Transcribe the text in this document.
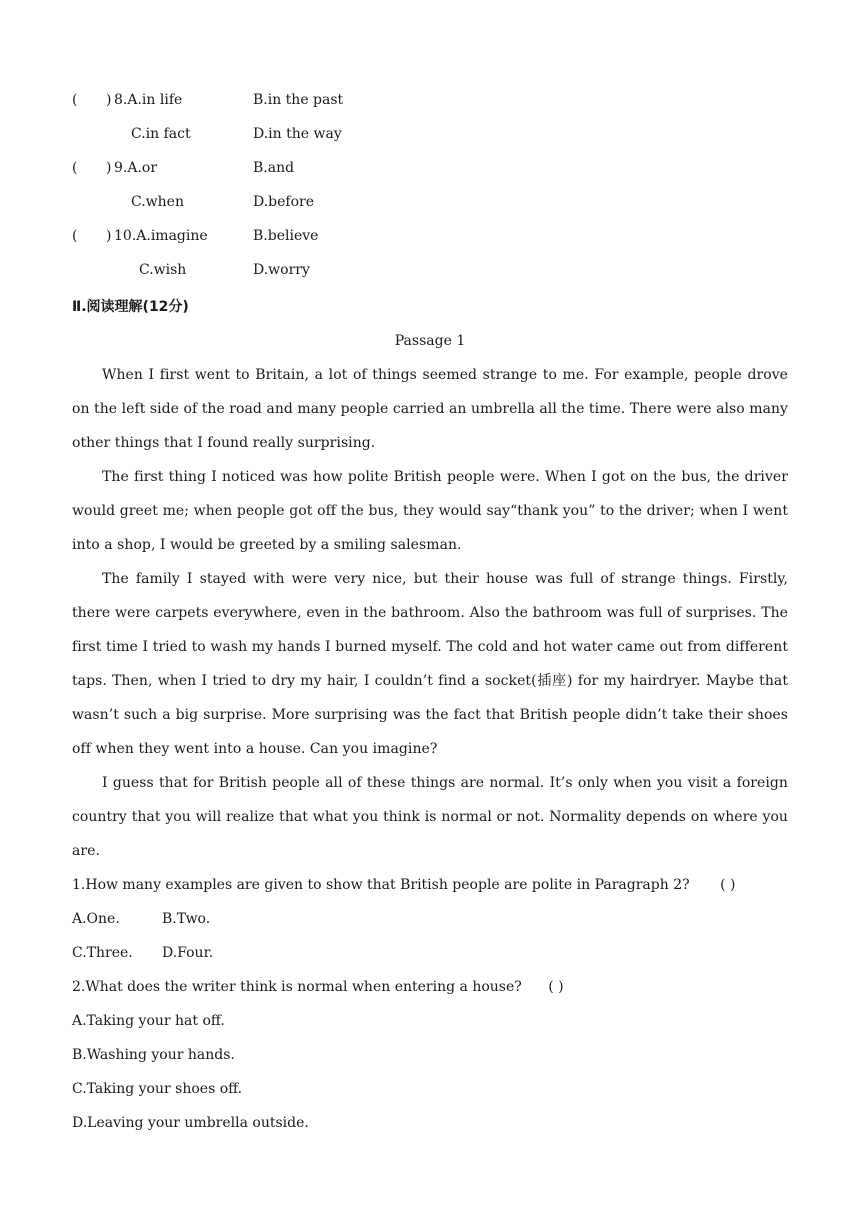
( ) 8.A.in life	B.in the past
C.in fact	D.in the way
( ) 9.A.or	B.and
C.when	D.before
( ) 10.A.imagine	B.believe
C.wish	D.worry
Ⅱ.阅读理解(12分)
Passage 1

When I first went to Britain, a lot of things seemed strange to me. For example, people drove on the left side of the road and many people carried an umbrella all the time. There were also many other things that I found really surprising.

The first thing I noticed was how polite British people were. When I got on the bus, the driver would greet me; when people got off the bus, they would say“thank you” to the driver; when I went into a shop, I would be greeted by a smiling salesman.

The family I stayed with were very nice, but their house was full of strange things. Firstly, there were carpets everywhere, even in the bathroom. Also the bathroom was full of surprises. The first time I tried to wash my hands I burned myself. The cold and hot water came out from different taps. Then, when I tried to dry my hair, I couldn’t find a socket(插座) for my hairdryer. Maybe that wasn’t such a big surprise. More surprising was the fact that British people didn’t take their shoes off when they went into a house. Can you imagine?

I guess that for British people all of these things are normal. It’s only when you visit a foreign country that you will realize that what you think is normal or not. Normality depends on where you are.

1.How many examples are given to show that British people are polite in Paragraph 2? ( )
A.One.	B.Two.
C.Three. D.Four.
2.What does the writer think is normal when entering a house? ( )
A.Taking your hat off.
B.Washing your hands.
C.Taking your shoes off.
D.Leaving your umbrella outside.
